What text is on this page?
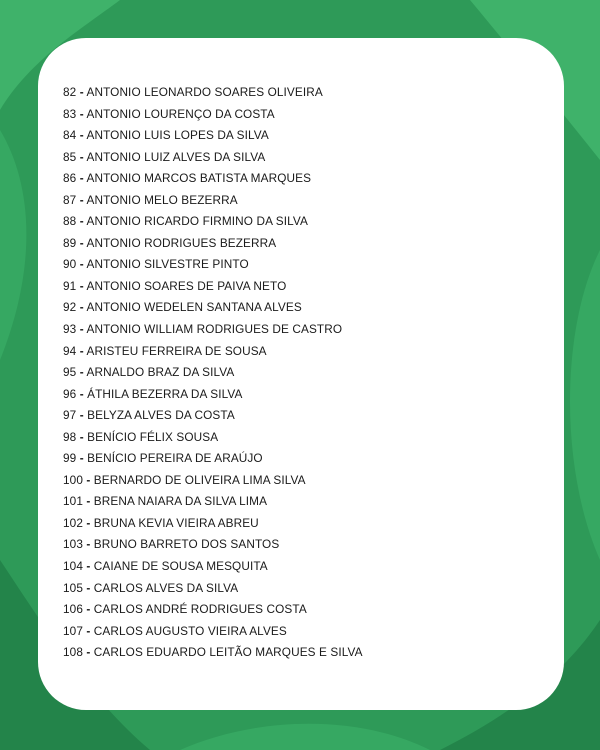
82 - ANTONIO LEONARDO SOARES OLIVEIRA
83 - ANTONIO LOURENÇO DA COSTA
84 - ANTONIO LUIS LOPES DA SILVA
85 - ANTONIO LUIZ ALVES DA SILVA
86 - ANTONIO MARCOS BATISTA MARQUES
87 - ANTONIO MELO BEZERRA
88 - ANTONIO RICARDO FIRMINO DA SILVA
89 - ANTONIO RODRIGUES BEZERRA
90 - ANTONIO SILVESTRE PINTO
91 - ANTONIO SOARES DE PAIVA NETO
92 - ANTONIO WEDELEN SANTANA ALVES
93 - ANTONIO WILLIAM RODRIGUES DE CASTRO
94 - ARISTEU FERREIRA DE SOUSA
95 - ARNALDO BRAZ DA SILVA
96 - ÁTHILA BEZERRA DA SILVA
97 - BELYZA ALVES DA COSTA
98 - BENÍCIO FÉLIX SOUSA
99 - BENÍCIO PEREIRA DE ARAÚJO
100 - BERNARDO DE OLIVEIRA LIMA SILVA
101 - BRENA NAIARA DA SILVA LIMA
102 - BRUNA KEVIA VIEIRA ABREU
103 - BRUNO BARRETO DOS SANTOS
104 - CAIANE DE SOUSA MESQUITA
105 - CARLOS ALVES DA SILVA
106 - CARLOS ANDRÉ RODRIGUES COSTA
107 - CARLOS AUGUSTO VIEIRA ALVES
108 - CARLOS EDUARDO LEITÃO MARQUES E SILVA
